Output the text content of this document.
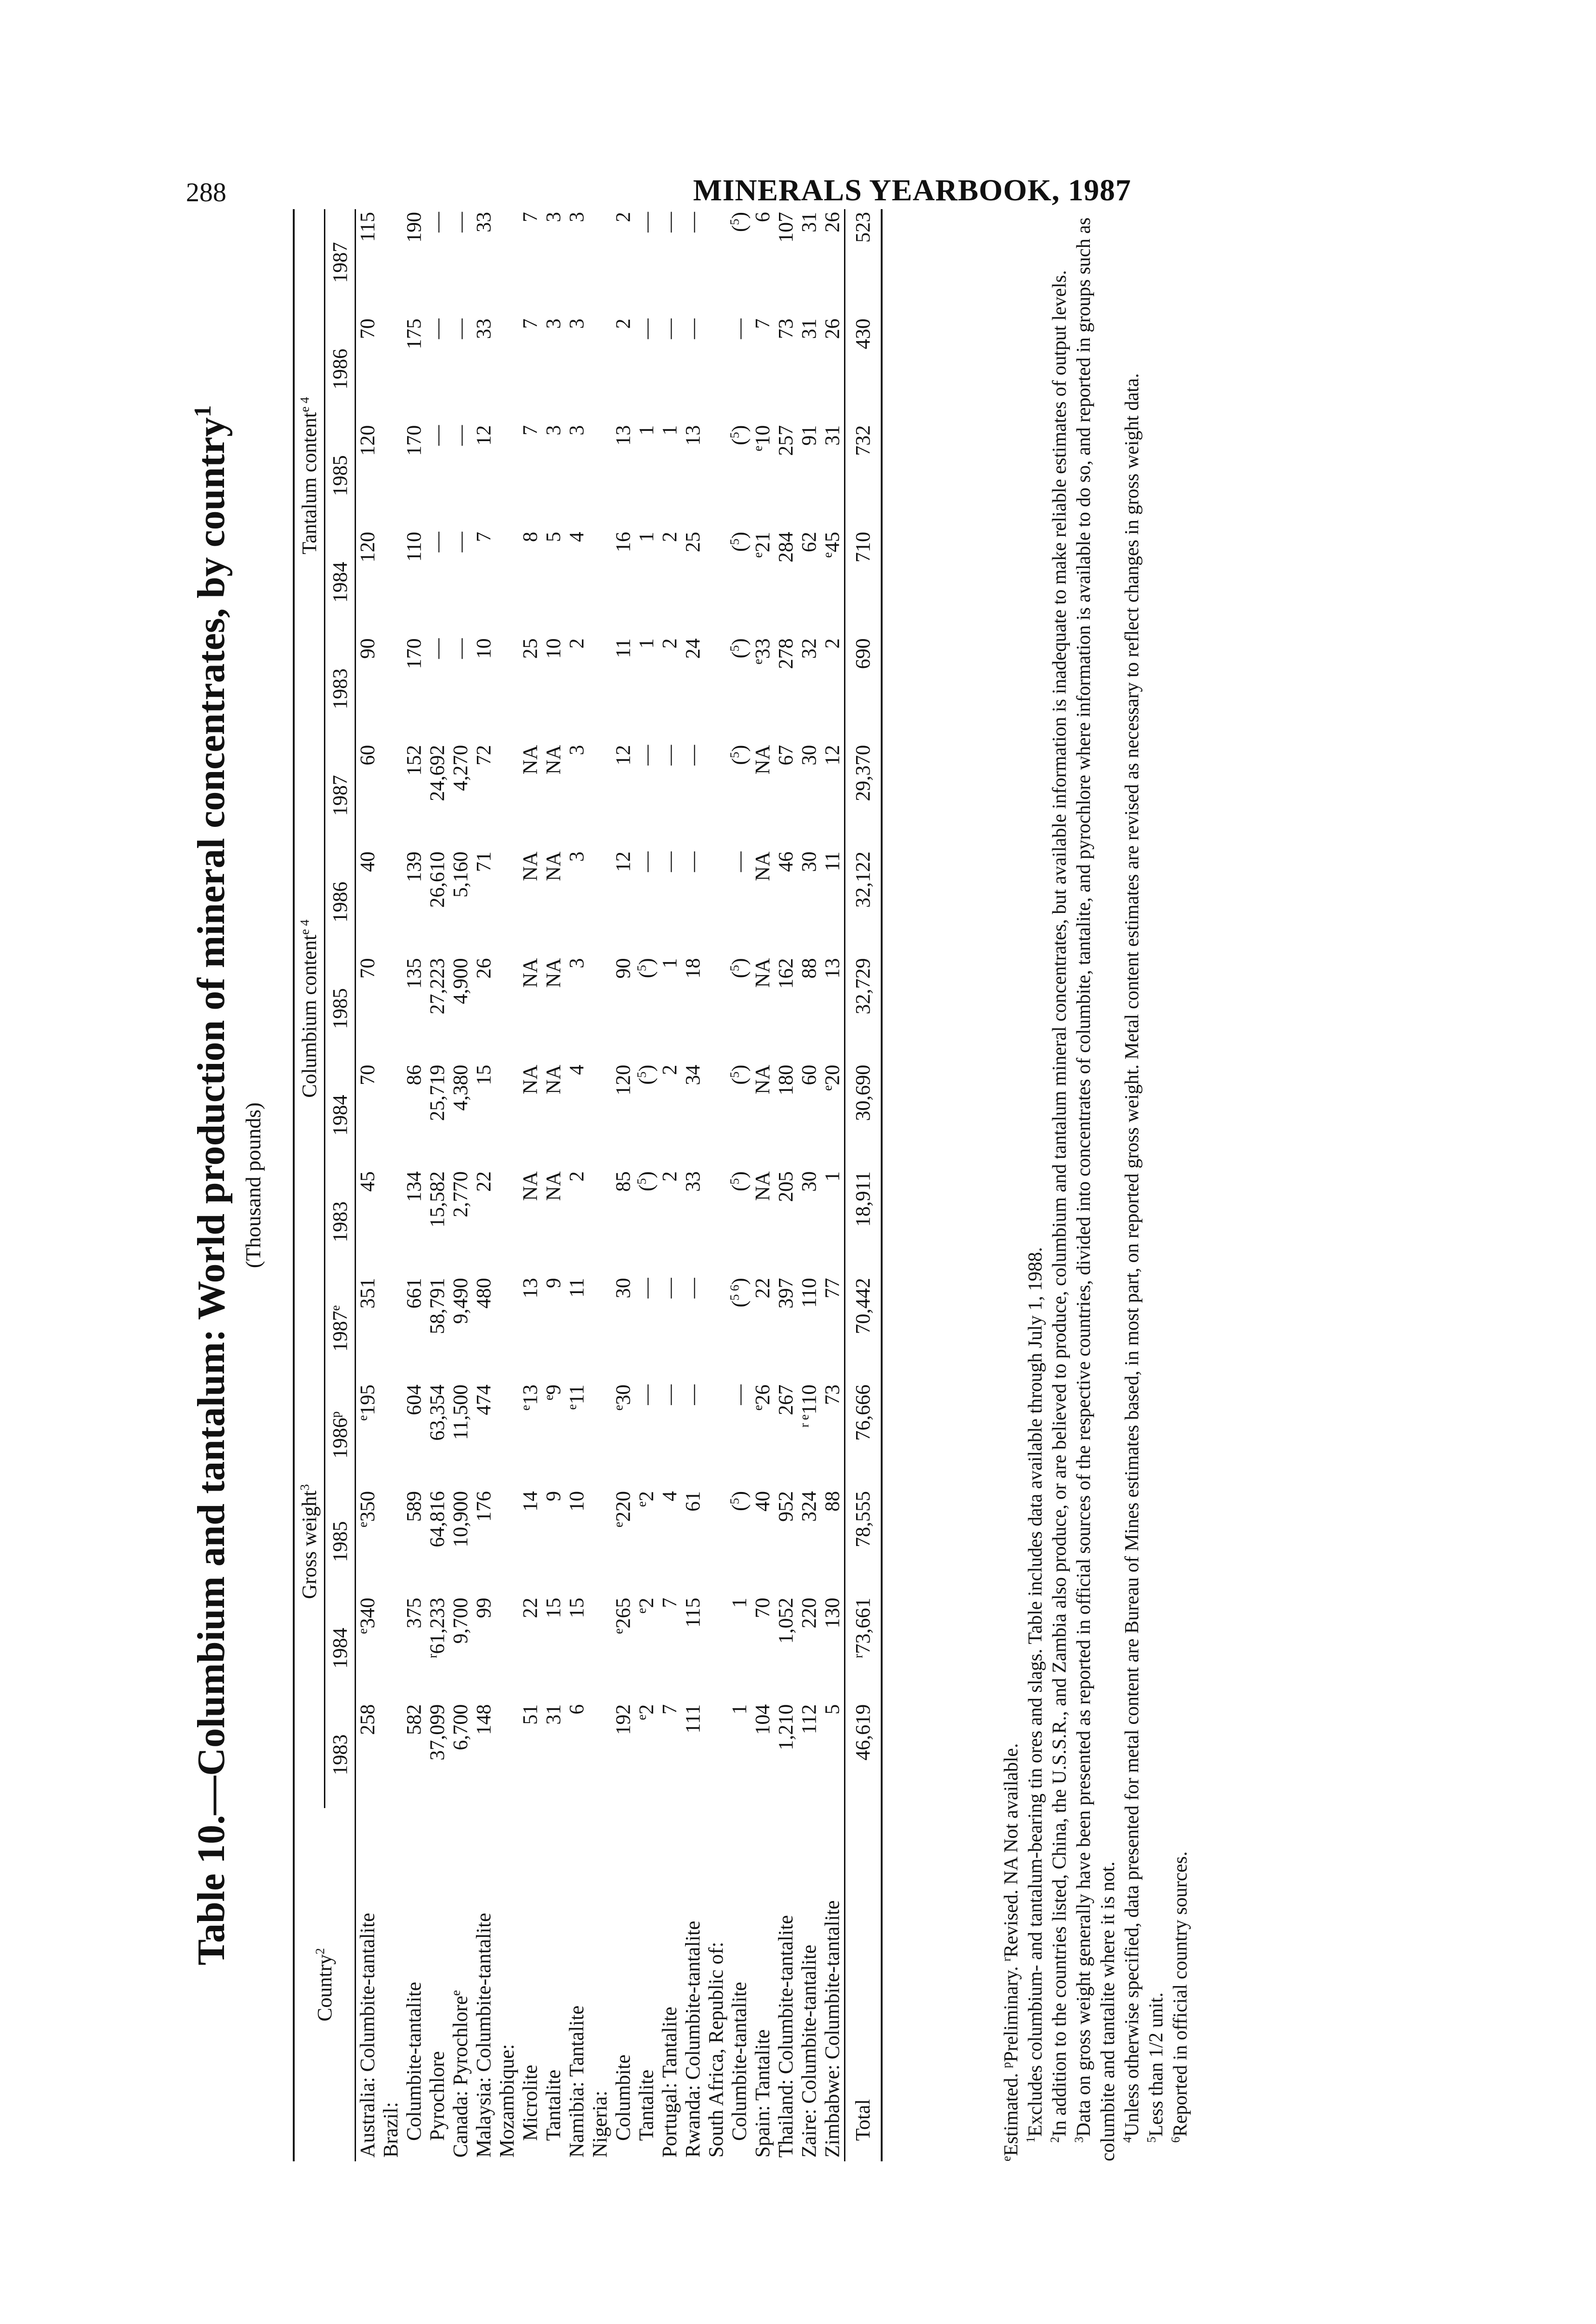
288	MINERALS YEARBOOK, 1987
Table 10.—Columbium and tantalum: World production of mineral concentrates, by country$^1$

(Thousand pounds)

Country$^2$	Gross weight$^3$					Columbium content$^{e 4}$					Tantalum content$^{e 4}$
	1983	1984	1985	1986$^p$	1987e	1983	1984	1985	1986	1987	1983	1984	1985	1986	1987
Australia: Columbite-tantalite	258	$^e$340	$^e$350	$^e$195	351	45	70	70	40	60	90	120	120	70	115
Brazil:															
Columbite-tantalite	582	375	589	604	661	134	86	135	139	152	170	110	170	175	190
Pyrochlore	37,099	$^r$61,233	64,816	63,354	58,791	15,582	25,719	27,223	26,610	24,692	—	—	—	—	—
Canada: Pyrochlore$^e$	6,700	9,700	10,900	11,500	9,490	2,770	4,380	4,900	5,160	4,270	—	—	—	—	—
Malaysia: Columbite-tantalite	148	99	176	474	480	22	15	26	71	72	10	7	12	33	33
Mozambique:															
Microlite	51	22	14	$^e$13	13	NA	NA	NA	NA	NA	25	8	7	7	7
Tantalite	31	15	9	$^e$9	9	NA	NA	NA	NA	NA	10	5	3	3	3
Namibia: Tantalite	6	15	10	$^e$11	11	2	4	3	3	3	2	4	3	3	3
Nigeria:															
Columbite	192	$^e$265	$^e$220	$^e$30	30	85	120	90	12	12	11	16	13	2	2
Tantalite	$^e$2	$^e$2	$^e$2	—	—	($^5$)	($^5$)	($^5$)	—	—	1	1	1	—	—
Portugal: Tantalite	7	7	4	—	—	2	2	1	—	—	2	2	1	—	—
Rwanda: Columbite-tantalite	111	115	61	—	—	33	34	18	—	—	24	25	13	—	—
South Africa, Republic of:															
Columbite-tantalite	1	1	($^5$)	—	($^{5 6}$)	($^5$)	($^5$)	($^5$)	—	($^5$)	($^5$)	($^5$)	($^5$)	—	($^5$)
Spain: Tantalite	104	70	40	$^e$26	22	NA	NA	NA	NA	NA	$^e$33	$^e$21	$^e$10	7	6
Thailand: Columbite-tantalite	1,210	1,052	952	267	397	205	180	162	46	67	278	284	257	73	107
Zaire: Columbite-tantalite	112	220	324	$^{r e}$110	110	30	60	88	30	30	32	62	91	31	31
Zimbabwe: Columbite-tantalite	5	130	88	73	77	1	$^e$20	13	11	12	2	$^e$45	31	26	26
Total	46,619	$^r$73,661	78,555	76,666	70,442	18,911	30,690	32,729	32,122	29,370	690	710	732	430	523

$^e$Estimated. $^p$Preliminary. $^r$Revised. NA Not available.

$^1$Excludes columbium- and tantalum-bearing tin ores and slags. Table includes data available through July 1, 1988.

$^2$In addition to the countries listed, China, the U.S.S.R., and Zambia also produce, or are believed to produce, columbium and tantalum mineral concentrates, but available information is inadequate to make reliable estimates of output levels.

$^3$Data on gross weight generally have been presented as reported in official sources of the respective countries, divided into concentrates of columbite, tantalite, and pyrochlore where information is available to do so, and reported in groups such as columbite and tantalite where it is not. $^4$Unless otherwise specified, data presented for metal content are Bureau of Mines estimates based, in most part, on reported gross weight. Metal content estimates are revised as necessary to reflect changes in gross weight data.

$^5$Less than 1/2 unit.

$^6$Reported in official country sources.
